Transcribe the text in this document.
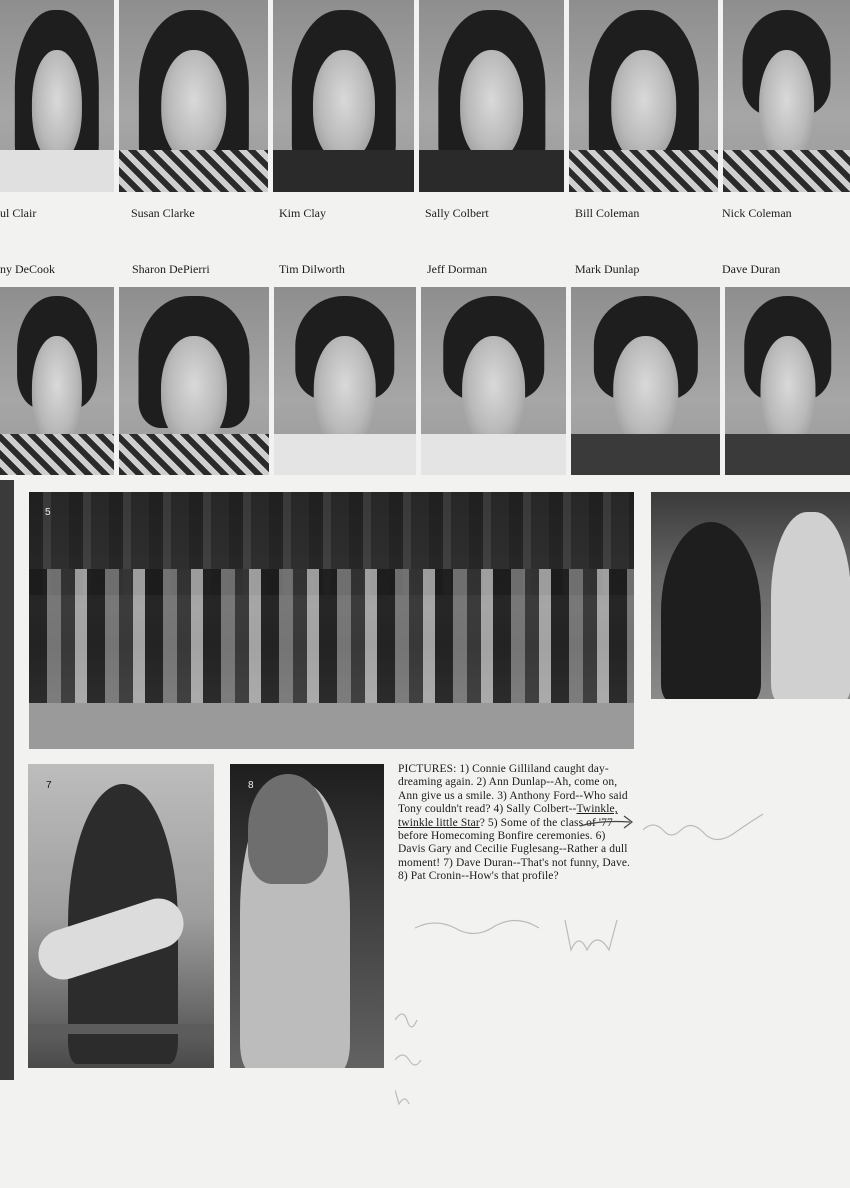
ul Clair	Susan Clarke	Kim Clay	Sally Colbert	Bill Coleman	Nick Coleman
ny DeCook	Sharon DePierri	Tim Dilworth	Jeff Dorman	Mark Dunlap	Dave Duran
5
7	8
PICTURES: 1) Connie Gilliland caught day-dreaming again. 2) Ann Dunlap--Ah, come on, Ann give us a smile. 3) Anthony Ford--Who said Tony couldn't read? 4) Sally Colbert--Twinkle, twinkle little Star? 5) Some of the class of '77 before Homecoming Bonfire ceremonies. 6) Davis Gary and Cecilie Fuglesang--Rather a dull moment! 7) Dave Duran--That's not funny, Dave. 8) Pat Cronin--How's that profile?
